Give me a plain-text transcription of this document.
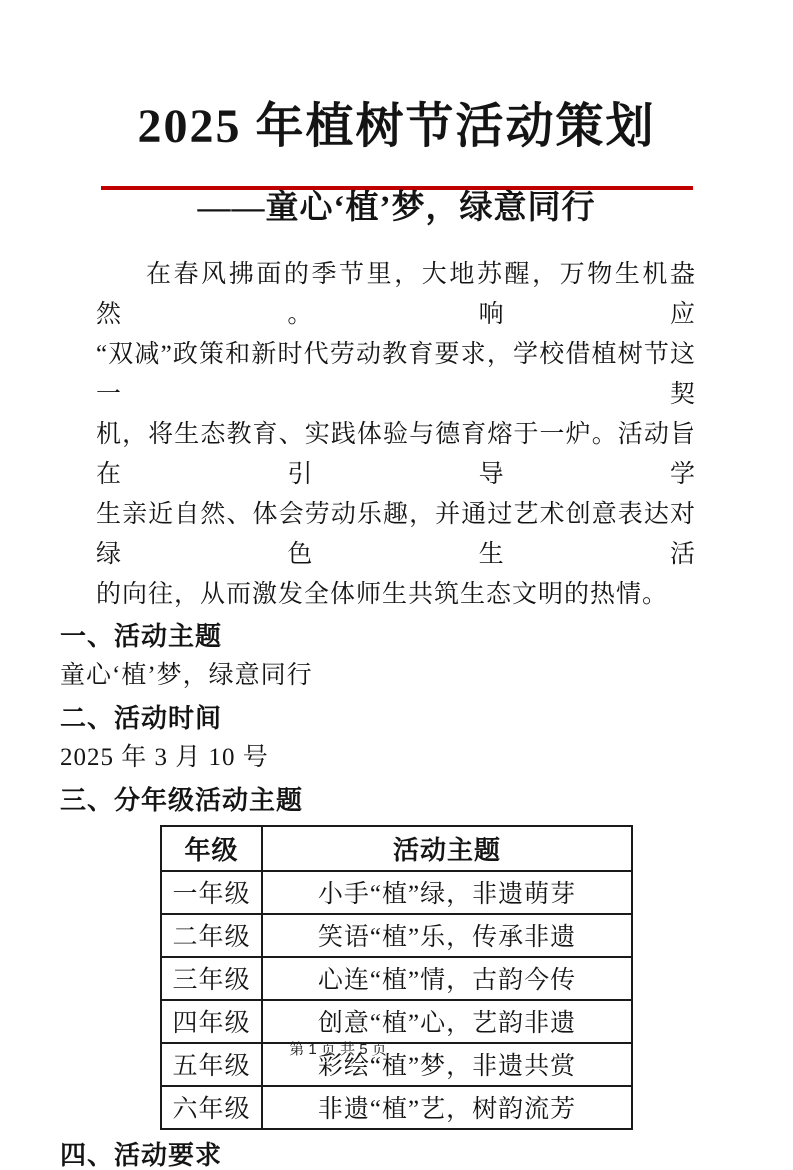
2025 年植树节活动策划
——童心‘植’梦，绿意同行
在春风拂面的季节里，大地苏醒，万物生机盎然。响应
“双减”政策和新时代劳动教育要求，学校借植树节这一契
机，将生态教育、实践体验与德育熔于一炉。活动旨在引导学
生亲近自然、体会劳动乐趣，并通过艺术创意表达对绿色生活
的向往，从而激发全体师生共筑生态文明的热情。
一、活动主题
童心‘植’梦，绿意同行
二、活动时间
2025 年 3 月 10 号
三、分年级活动主题
年级	活动主题
一年级	小手“植”绿，非遗萌芽
二年级	笑语“植”乐，传承非遗
三年级	心连“植”情，古韵今传
四年级	创意“植”心，艺韵非遗
五年级	彩绘“植”梦，非遗共赏
六年级	非遗“植”艺，树韵流芳
四、活动要求
第 1 页 共 5 页
